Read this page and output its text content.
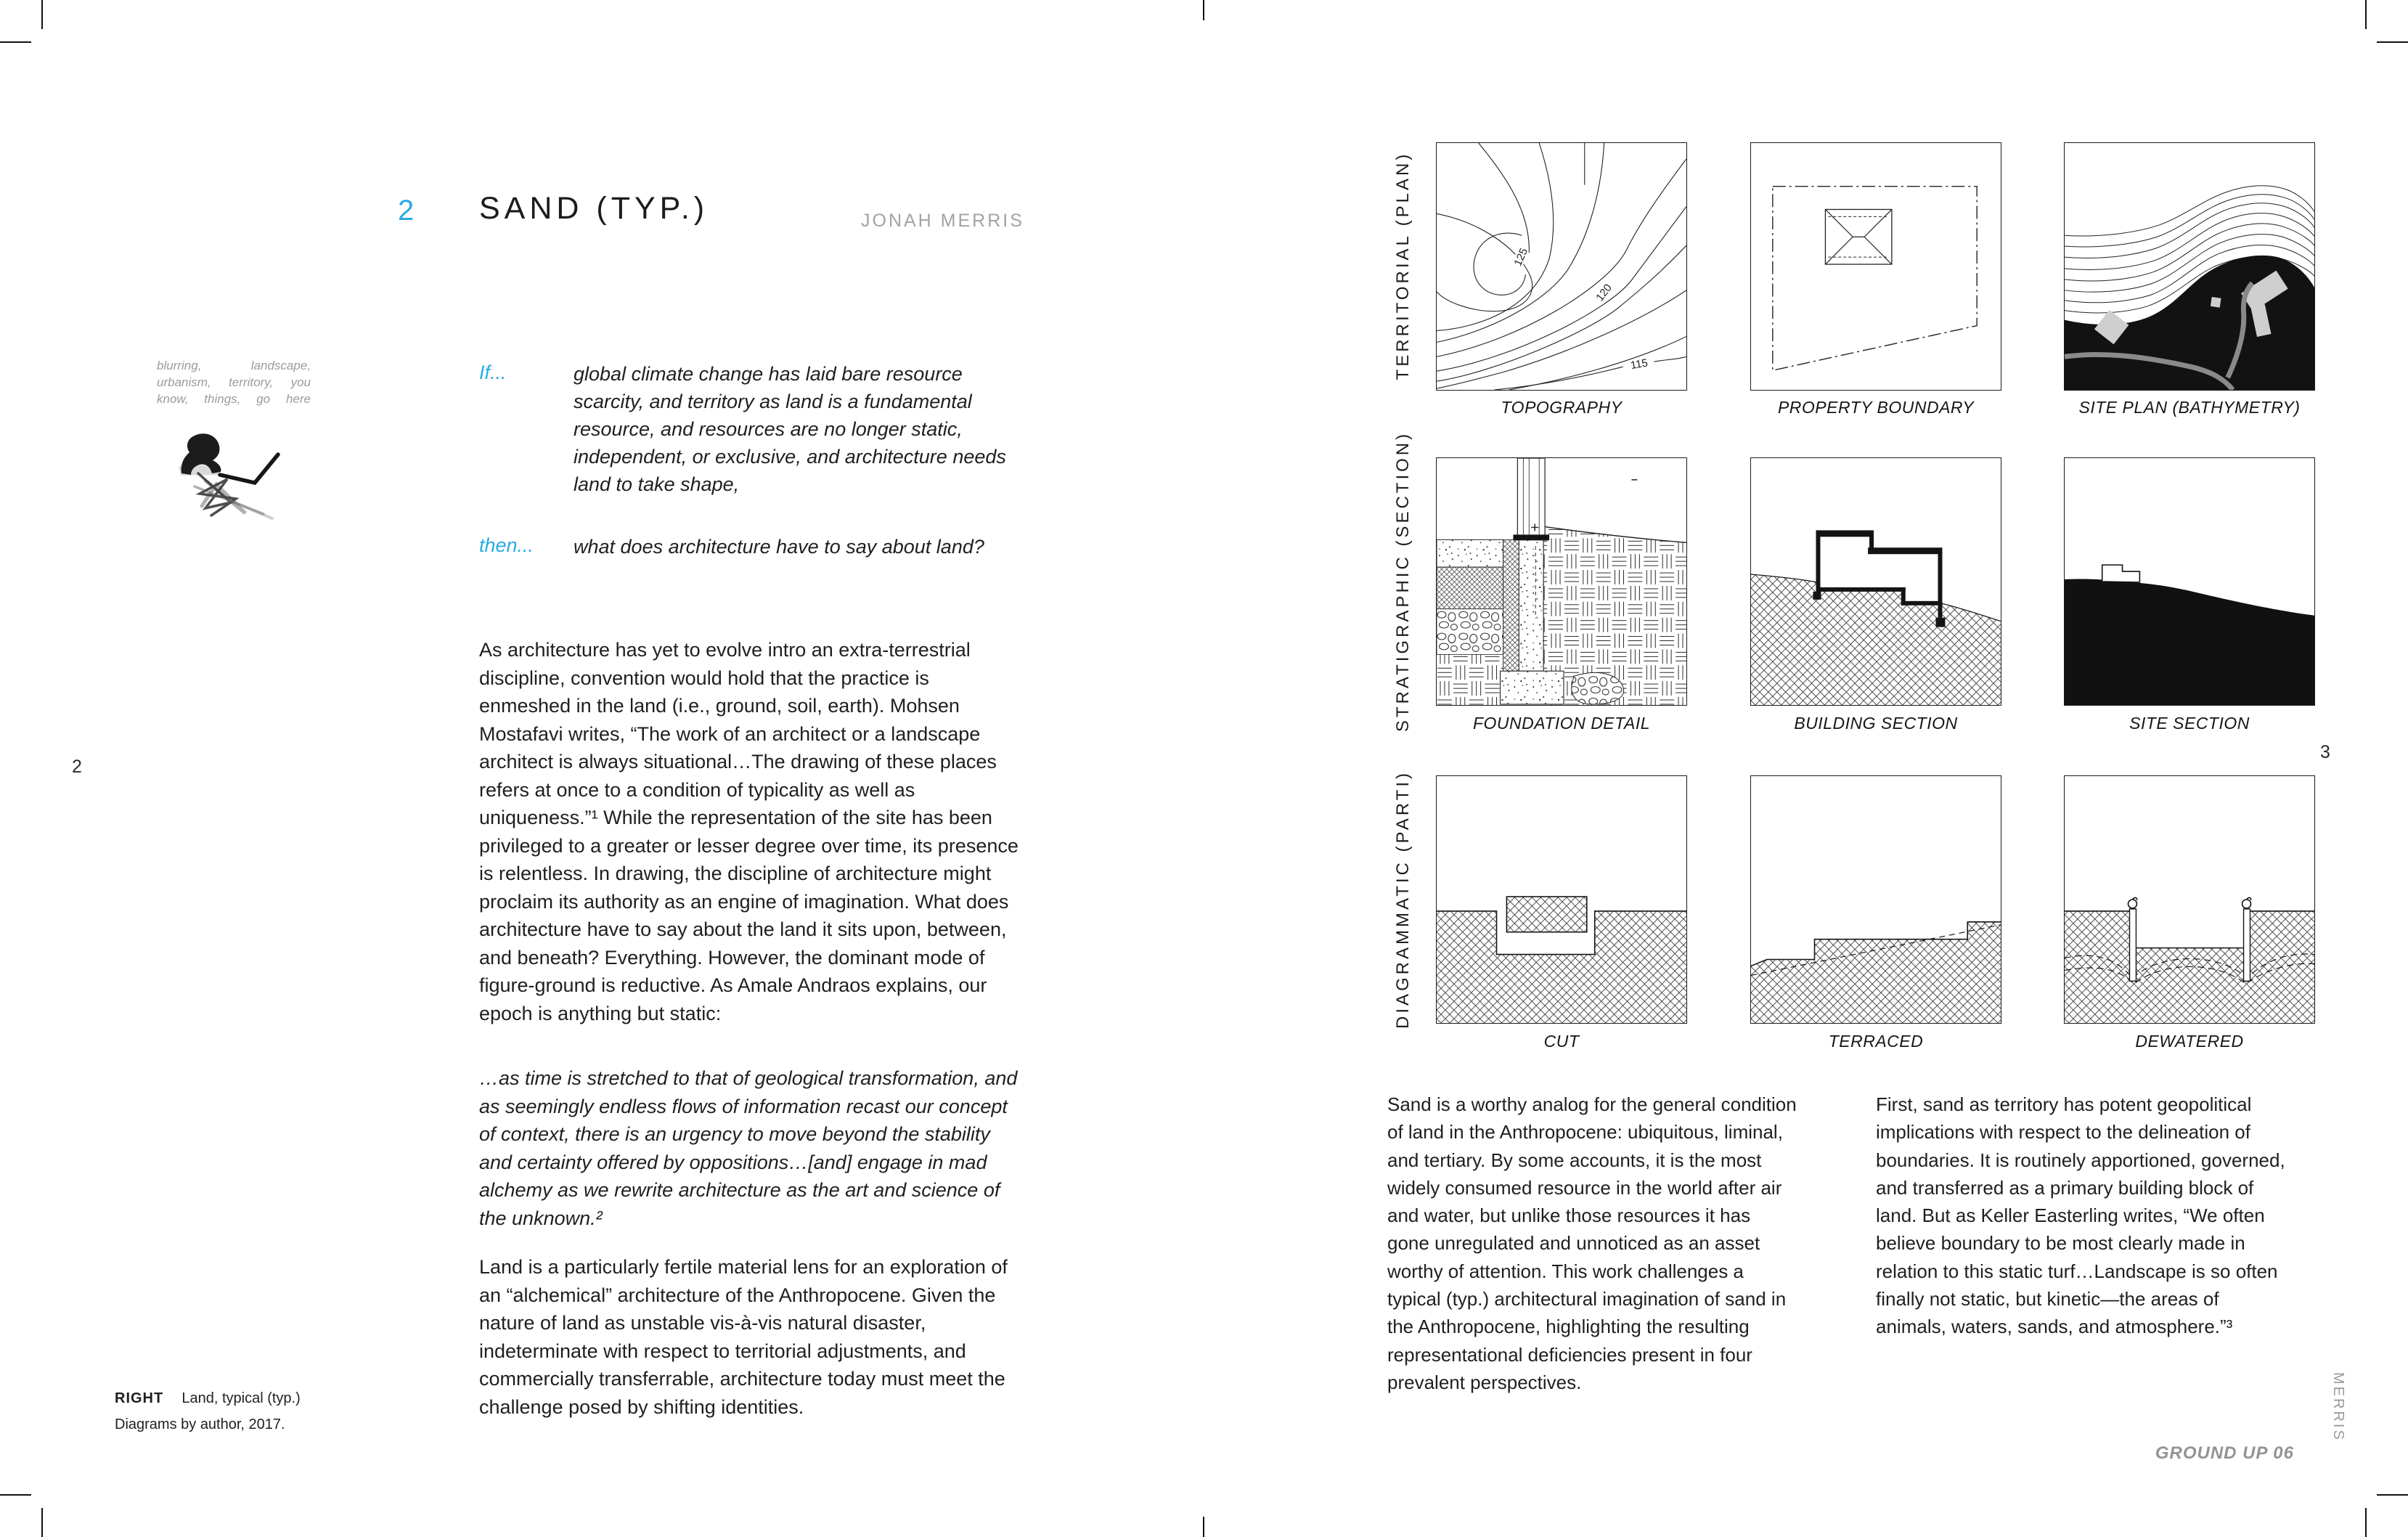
2
2 SAND (TYP.)	JONAH MERRIS
blurring, landscape, urbanism, territory, you know, things, go here
If...	global climate change has laid bare resource scarcity, and territory as land is a fundamental resource, and resources are no longer static, independent, or exclusive, and architecture needs land to take shape,
then... what does architecture have to say about land?
As architecture has yet to evolve intro an extra-terrestrial discipline, convention would hold that the practice is enmeshed in the land (i.e., ground, soil, earth). Mohsen Mostafavi writes, “The work of an architect or a landscape architect is always situational…The drawing of these places refers at once to a condition of typicality as well as uniqueness.”¹ While the representation of the site has been privileged to a greater or lesser degree over time, its presence is relentless. In drawing, the discipline of architecture might proclaim its authority as an engine of imagination. What does architecture have to say about the land it sits upon, between, and beneath? Everything. However, the dominant mode of figure-ground is reductive. As Amale Andraos explains, our epoch is anything but static:
…as time is stretched to that of geological transformation, and as seemingly endless flows of information recast our concept of context, there is an urgency to move beyond the stability and certainty offered by oppositions…[and] engage in mad alchemy as we rewrite architecture as the art and science of the unknown.²
Land is a particularly fertile material lens for an exploration of an “alchemical” architecture of the Anthropocene. Given the nature of land as unstable vis-à-vis natural disaster, indeterminate with respect to territorial adjustments, and commercially transferrable, architecture today must meet the challenge posed by shifting identities.
RIGHT Land, typical (typ.)
Diagrams by author, 2017.
3
TERRITORIAL (PLAN)
STRATIGRAPHIC (SECTION)
DIAGRAMMATIC (PARTI)
125
120
115
TOPOGRAPHY	PROPERTY BOUNDARY	SITE PLAN (BATHYMETRY)
FOUNDATION DETAIL	BUILDING SECTION	SITE SECTION
CUT	TERRACED	DEWATERED
Sand is a worthy analog for the general condition of land in the Anthropocene: ubiquitous, liminal, and tertiary. By some accounts, it is the most widely consumed resource in the world after air and water, but unlike those resources it has gone unregulated and unnoticed as an asset worthy of attention. This work challenges a typical (typ.) architectural imagination of sand in the Anthropocene, highlighting the resulting representational deficiencies present in four prevalent perspectives.
First, sand as territory has potent geopolitical implications with respect to the delineation of boundaries. It is routinely apportioned, governed, and transferred as a primary building block of land. But as Keller Easterling writes, “We often believe boundary to be most clearly made in relation to this static turf…Landscape is so often finally not static, but kinetic—the areas of animals, waters, sands, and atmosphere.”³
GROUND UP 06
MERRIS
